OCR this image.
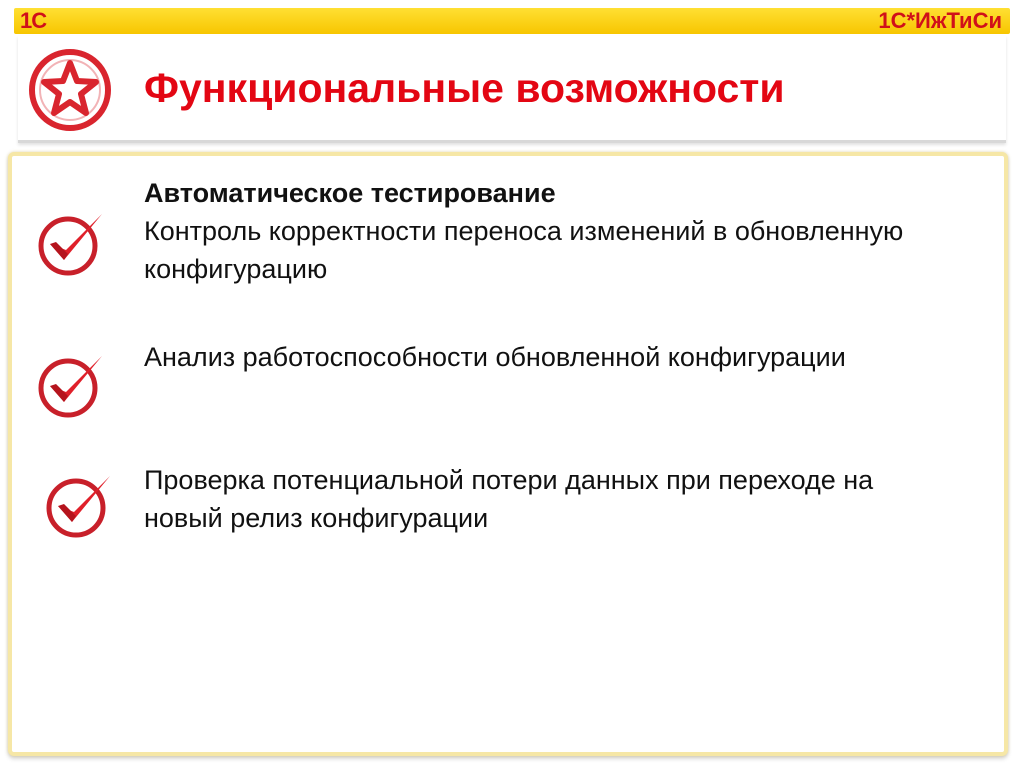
1С	1С*ИжТиСи
Функциональные возможности
Автоматическое тестирование
Контроль корректности переноса изменений в обновленную конфигурацию
Анализ работоспособности обновленной конфигурации
Проверка потенциальной потери данных при переходе на новый релиз конфигурации
